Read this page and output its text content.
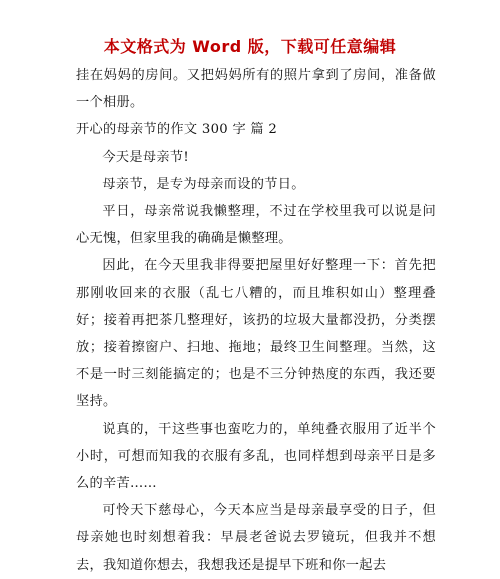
本文格式为 Word 版，下载可任意编辑

挂在妈妈的房间。又把妈妈所有的照片拿到了房间，准备做一个相册。

开心的母亲节的作文 300 字 篇 2

今天是母亲节!

母亲节，是专为母亲而设的节日。

平日，母亲常说我懒整理，不过在学校里我可以说是问心无愧，但家里我的确确是懒整理。

因此，在今天里我非得要把屋里好好整理一下：首先把那刚收回来的衣服（乱七八糟的，而且堆积如山）整理叠好；接着再把茶几整理好，该扔的垃圾大量都没扔，分类摆放；接着擦窗户、扫地、拖地；最终卫生间整理。当然，这不是一时三刻能搞定的；也是不三分钟热度的东西，我还要坚持。

说真的，干这些事也蛮吃力的，单纯叠衣服用了近半个小时，可想而知我的衣服有多乱，也同样想到母亲平日是多么的辛苦……

可怜天下慈母心，今天本应当是母亲最享受的日子，但母亲她也时刻想着我：早晨老爸说去罗镜玩，但我并不想去，我知道你想去，我想我还是提早下班和你一起去
